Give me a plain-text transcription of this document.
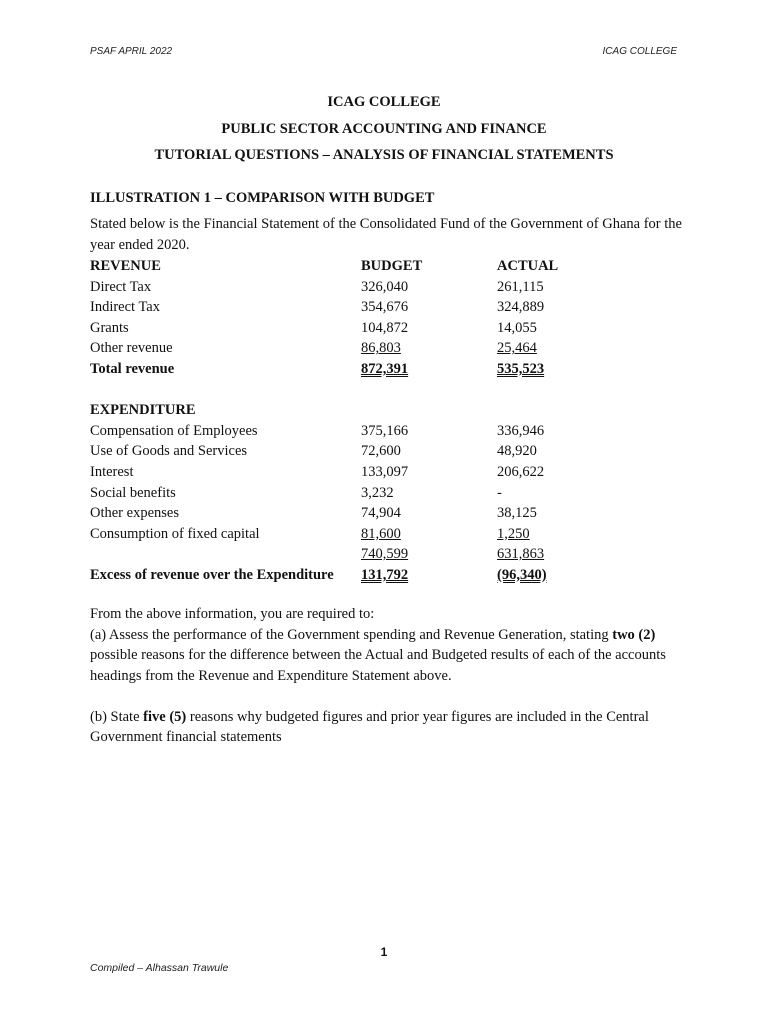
PSAF APRIL 2022	ICAG COLLEGE
ICAG COLLEGE
PUBLIC SECTOR ACCOUNTING AND FINANCE
TUTORIAL QUESTIONS – ANALYSIS OF FINANCIAL STATEMENTS
ILLUSTRATION 1 – COMPARISON WITH BUDGET
Stated below is the Financial Statement of the Consolidated Fund of the Government of Ghana for the year ended 2020.
REVENUE	BUDGET	ACTUAL
Direct Tax	326,040	261,115
Indirect Tax	354,676	324,889
Grants	104,872	14,055
Other revenue	86,803	25,464
Total revenue	872,391	535,523

EXPENDITURE		
Compensation of Employees	375,166	336,946
Use of Goods and Services	72,600	48,920
Interest	133,097	206,622
Social benefits	3,232	-
Other expenses	74,904	38,125
Consumption of fixed capital	81,600	1,250
	740,599	631,863
Excess of revenue over the Expenditure	131,792	(96,340)

From the above information, you are required to:

(a) Assess the performance of the Government spending and Revenue Generation, stating two (2) possible reasons for the difference between the Actual and Budgeted results of each of the accounts headings from the Revenue and Expenditure Statement above.

(b) State five (5) reasons why budgeted figures and prior year figures are included in the Central Government financial statements

1
Compiled – Alhassan Trawule
